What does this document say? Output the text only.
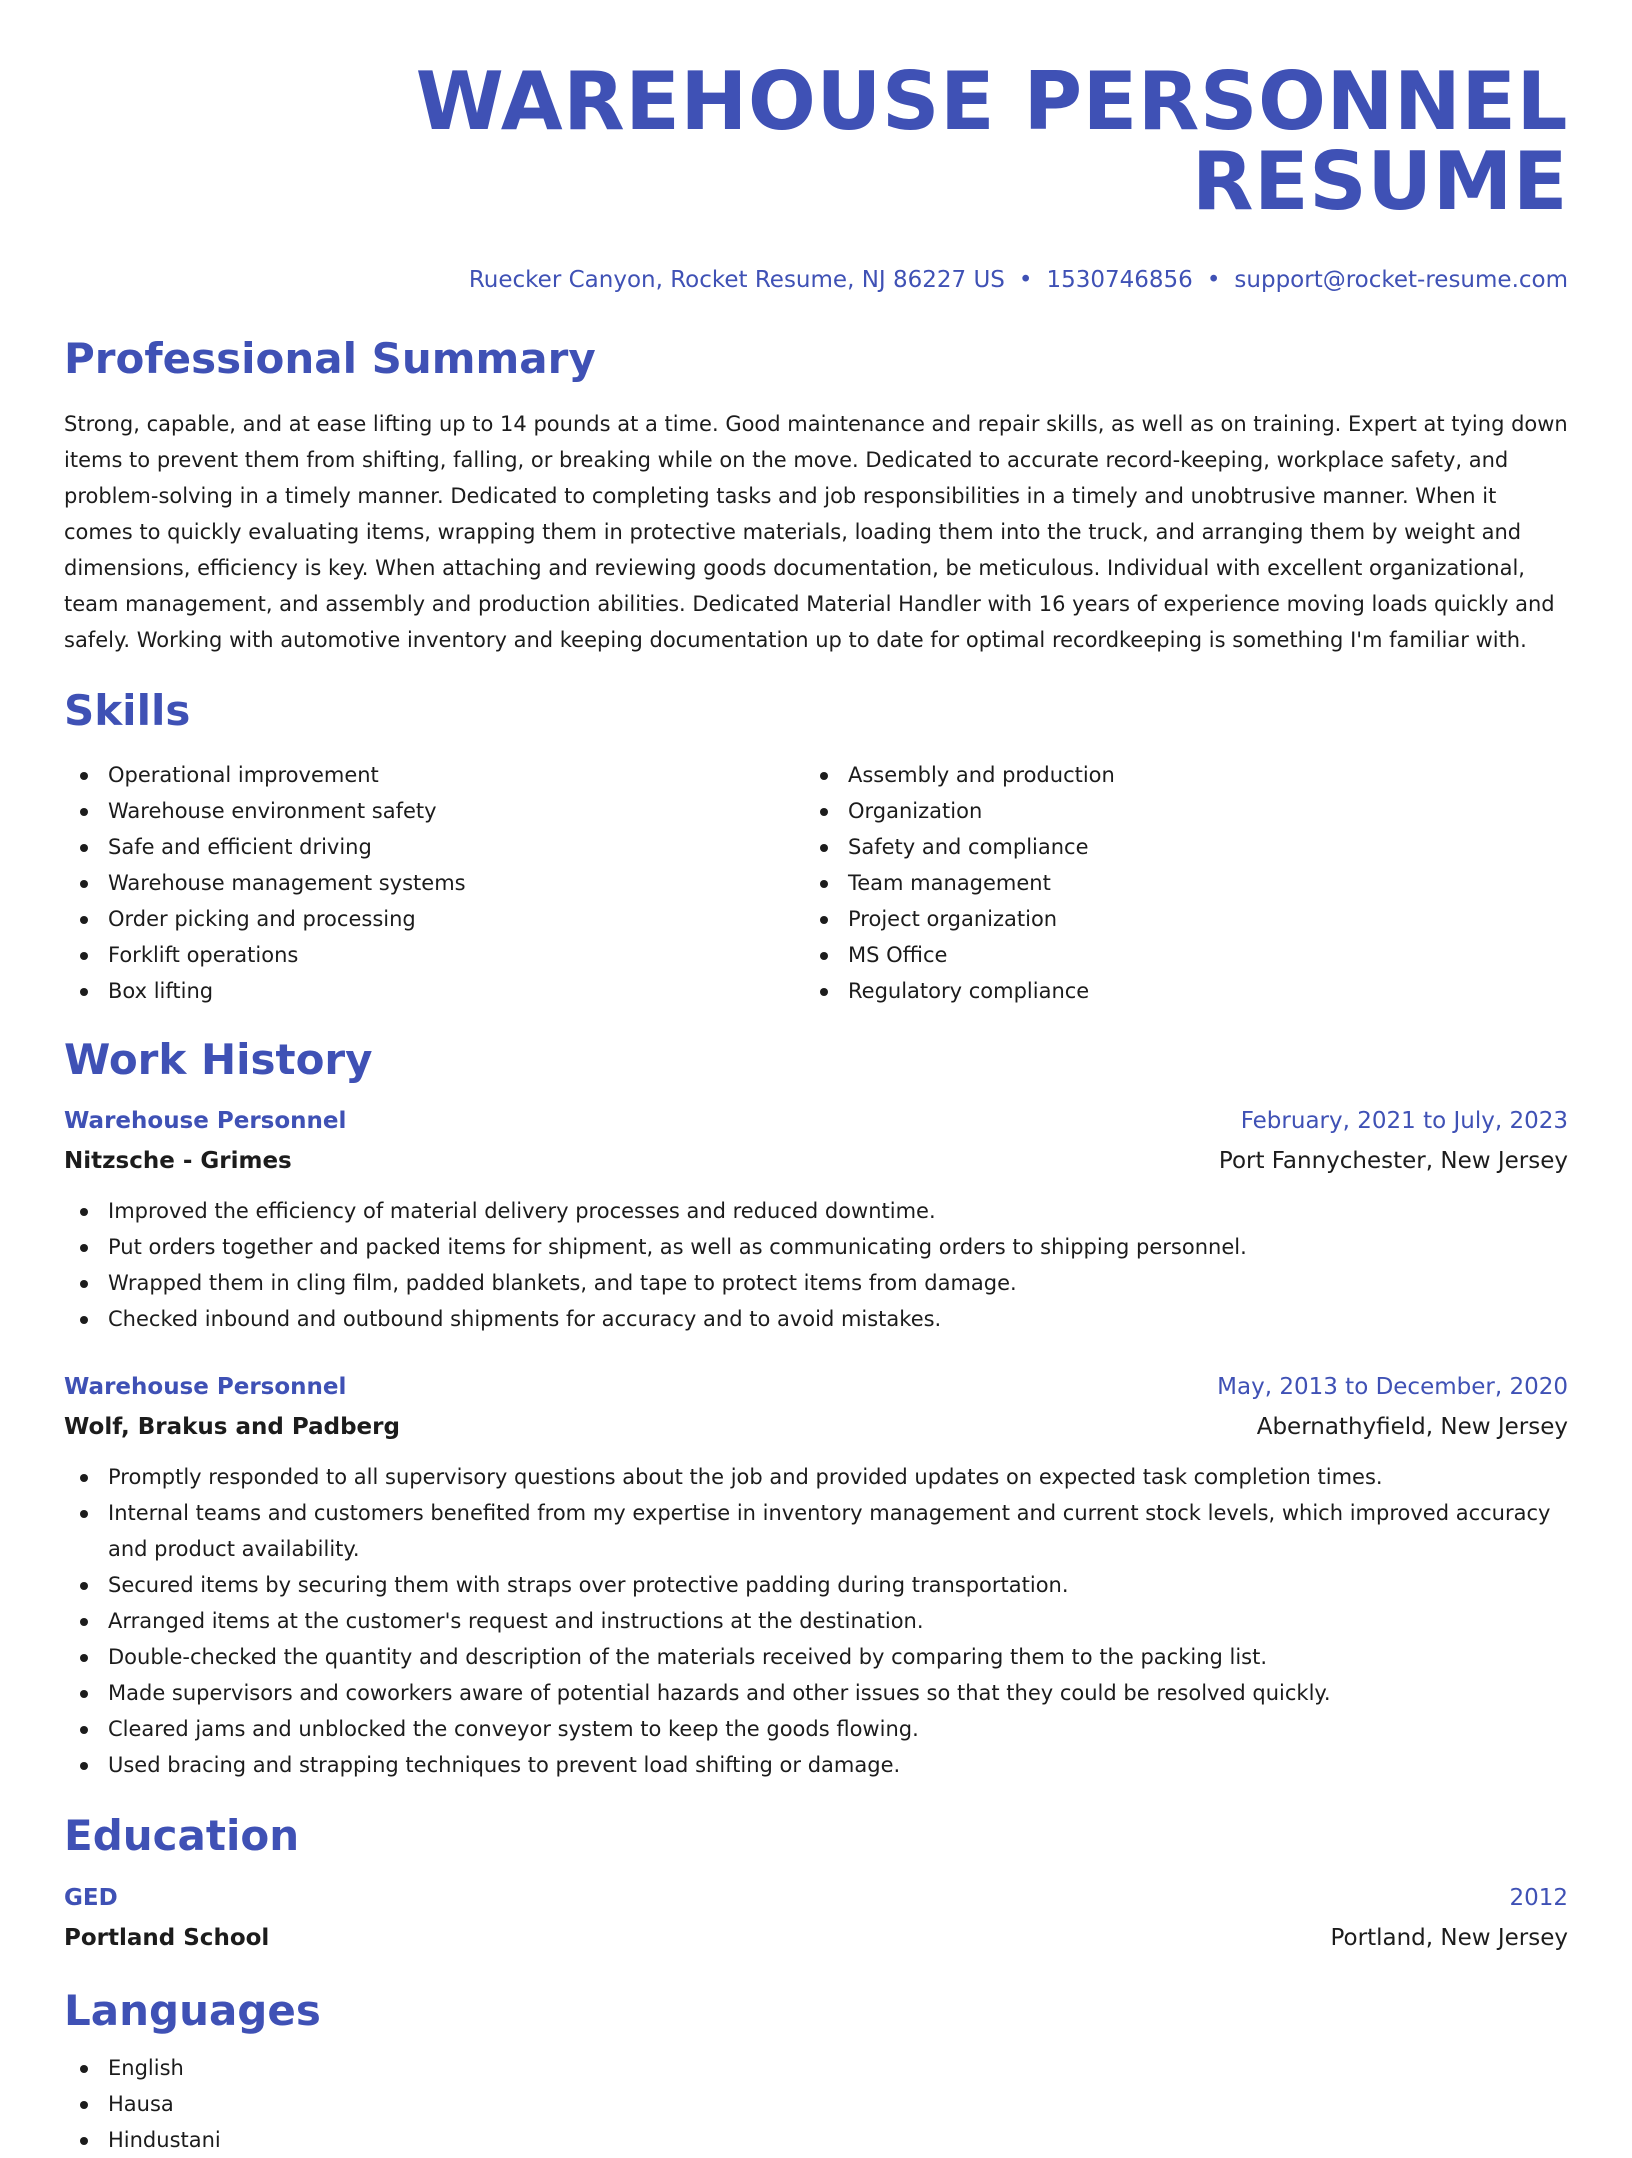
WAREHOUSE PERSONNEL RESUME
Ruecker Canyon, Rocket Resume, NJ 86227 US • 1530746856 • support@rocket-resume.com
Professional Summary

Strong, capable, and at ease lifting up to 14 pounds at a time. Good maintenance and repair skills, as well as on training. Expert at tying down items to prevent them from shifting, falling, or breaking while on the move. Dedicated to accurate record-keeping, workplace safety, and problem-solving in a timely manner. Dedicated to completing tasks and job responsibilities in a timely and unobtrusive manner. When it comes to quickly evaluating items, wrapping them in protective materials, loading them into the truck, and arranging them by weight and dimensions, efficiency is key. When attaching and reviewing goods documentation, be meticulous. Individual with excellent organizational, team management, and assembly and production abilities. Dedicated Material Handler with 16 years of experience moving loads quickly and safely. Working with automotive inventory and keeping documentation up to date for optimal recordkeeping is something I'm familiar with.

Skills
Operational improvement
Warehouse environment safety
Safe and efficient driving
Warehouse management systems
Order picking and processing
Forklift operations
Box lifting
Assembly and production
Organization
Safety and compliance
Team management
Project organization
MS Office
Regulatory compliance
Work History
Warehouse Personnel	February, 2021 to July, 2023
Nitzsche - Grimes	Port Fannychester, New Jersey
Improved the efficiency of material delivery processes and reduced downtime.
Put orders together and packed items for shipment, as well as communicating orders to shipping personnel.
Wrapped them in cling film, padded blankets, and tape to protect items from damage.
Checked inbound and outbound shipments for accuracy and to avoid mistakes.
Warehouse Personnel	May, 2013 to December, 2020
Wolf, Brakus and Padberg	Abernathyfield, New Jersey
Promptly responded to all supervisory questions about the job and provided updates on expected task completion times.
Internal teams and customers benefited from my expertise in inventory management and current stock levels, which improved accuracy and product availability.
Secured items by securing them with straps over protective padding during transportation.
Arranged items at the customer's request and instructions at the destination.
Double-checked the quantity and description of the materials received by comparing them to the packing list.
Made supervisors and coworkers aware of potential hazards and other issues so that they could be resolved quickly.
Cleared jams and unblocked the conveyor system to keep the goods flowing.
Used bracing and strapping techniques to prevent load shifting or damage.
Education
GED	2012
Portland School	Portland, New Jersey
Languages
English
Hausa
Hindustani
